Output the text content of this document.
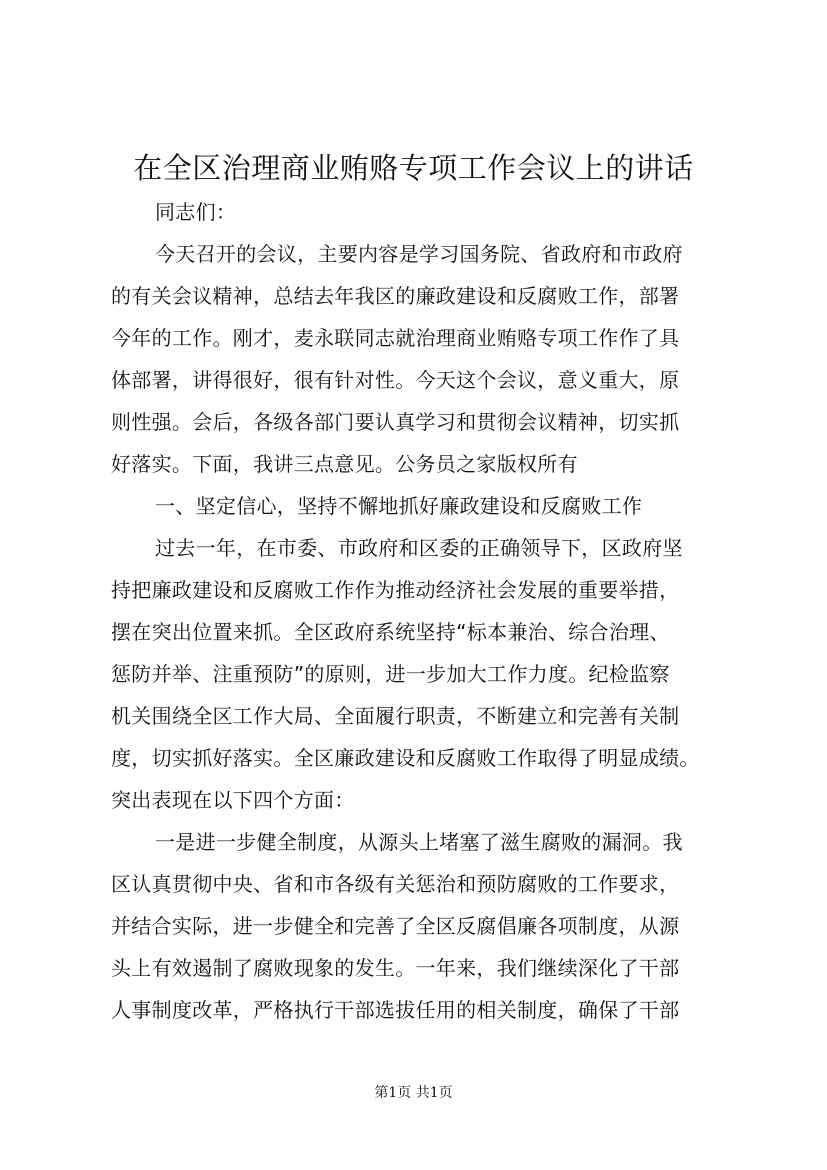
在全区治理商业贿赂专项工作会议上的讲话
同志们：
今天召开的会议，主要内容是学习国务院、省政府和市政府
的有关会议精神，总结去年我区的廉政建设和反腐败工作，部署
今年的工作。刚才，麦永联同志就治理商业贿赂专项工作作了具
体部署，讲得很好，很有针对性。今天这个会议，意义重大，原
则性强。会后，各级各部门要认真学习和贯彻会议精神，切实抓
好落实。下面，我讲三点意见。公务员之家版权所有
一、坚定信心，坚持不懈地抓好廉政建设和反腐败工作
过去一年，在市委、市政府和区委的正确领导下，区政府坚
持把廉政建设和反腐败工作作为推动经济社会发展的重要举措，
摆在突出位置来抓。全区政府系统坚持“标本兼治、综合治理、
惩防并举、注重预防”的原则，进一步加大工作力度。纪检监察
机关围绕全区工作大局、全面履行职责，不断建立和完善有关制
度，切实抓好落实。全区廉政建设和反腐败工作取得了明显成绩。
突出表现在以下四个方面：
一是进一步健全制度，从源头上堵塞了滋生腐败的漏洞。我
区认真贯彻中央、省和市各级有关惩治和预防腐败的工作要求，
并结合实际，进一步健全和完善了全区反腐倡廉各项制度，从源
头上有效遏制了腐败现象的发生。一年来，我们继续深化了干部
人事制度改革，严格执行干部选拔任用的相关制度，确保了干部
第1页 共1页
